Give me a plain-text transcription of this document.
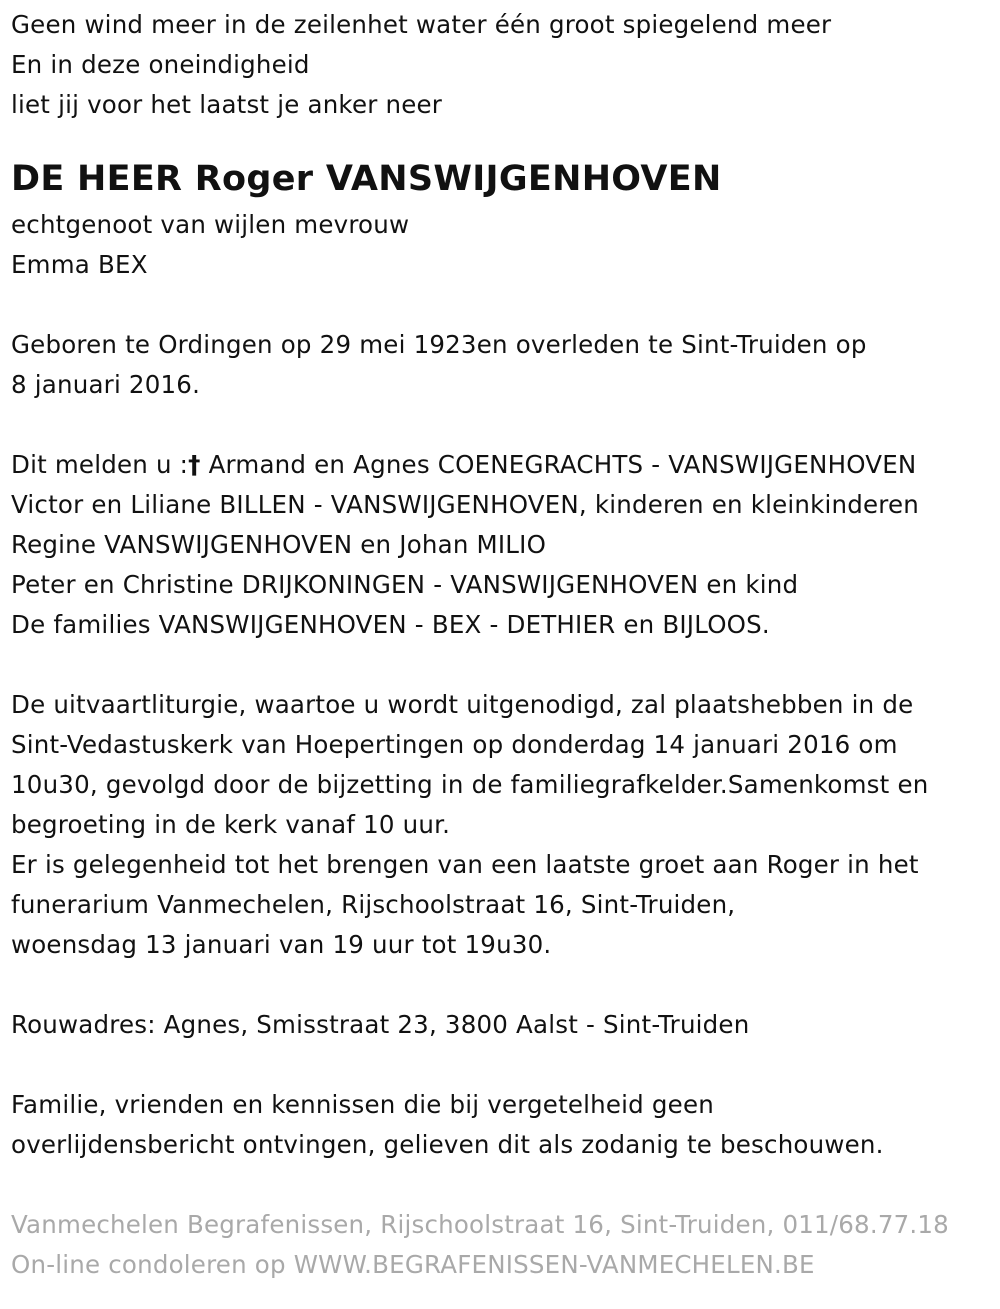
Geen wind meer in de zeilenhet water één groot spiegelend meer
En in deze oneindigheid
liet jij voor het laatst je anker neer
DE HEER Roger VANSWIJGENHOVEN
echtgenoot van wijlen mevrouw
Emma BEX
Geboren te Ordingen op 29 mei 1923en overleden te Sint-Truiden op
8 januari 2016.
Dit melden u :† Armand en Agnes COENEGRACHTS - VANSWIJGENHOVEN
Victor en Liliane BILLEN - VANSWIJGENHOVEN, kinderen en kleinkinderen
Regine VANSWIJGENHOVEN en Johan MILIO
Peter en Christine DRIJKONINGEN - VANSWIJGENHOVEN en kind
De families VANSWIJGENHOVEN - BEX - DETHIER en BIJLOOS.
De uitvaartliturgie, waartoe u wordt uitgenodigd, zal plaatshebben in de
Sint-Vedastuskerk van Hoepertingen op donderdag 14 januari 2016 om
10u30, gevolgd door de bijzetting in de familiegrafkelder.Samenkomst en
begroeting in de kerk vanaf 10 uur.
Er is gelegenheid tot het brengen van een laatste groet aan Roger in het
funerarium Vanmechelen, Rijschoolstraat 16, Sint-Truiden,
woensdag 13 januari van 19 uur tot 19u30.
Rouwadres: Agnes, Smisstraat 23, 3800 Aalst - Sint-Truiden
Familie, vrienden en kennissen die bij vergetelheid geen
overlijdensbericht ontvingen, gelieven dit als zodanig te beschouwen.
Vanmechelen Begrafenissen, Rijschoolstraat 16, Sint-Truiden, 011/68.77.18
On-line condoleren op WWW.BEGRAFENISSEN-VANMECHELEN.BE
